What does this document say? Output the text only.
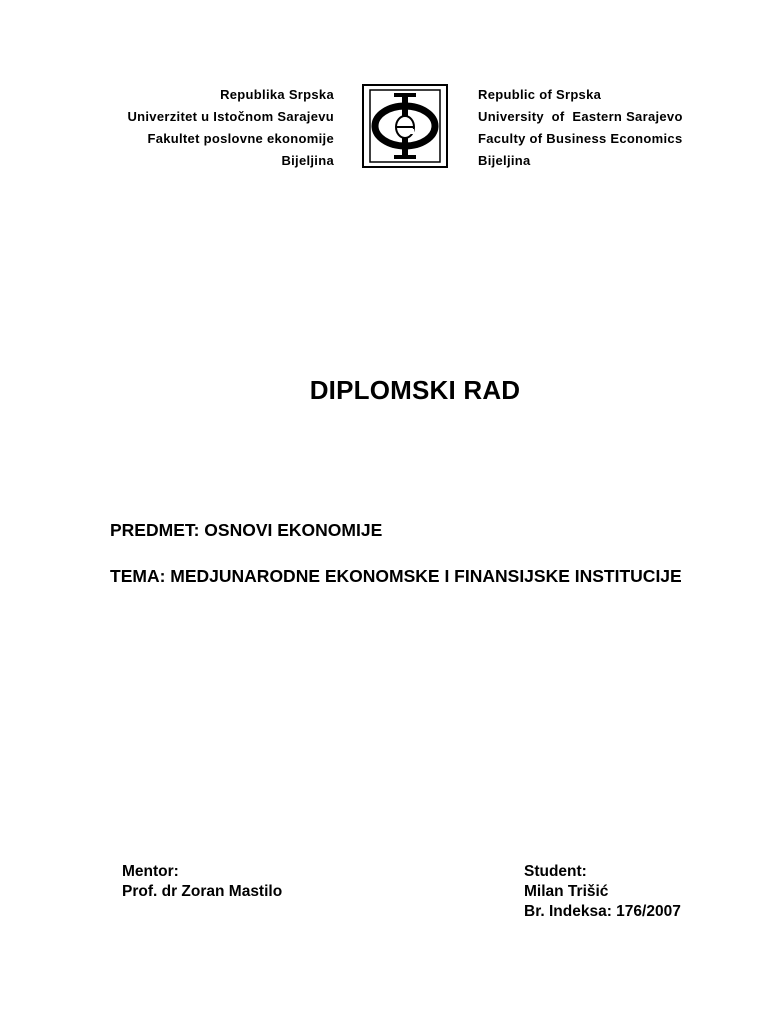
Republika Srpska
Univerzitet u Istočnom Sarajevu
Fakultet poslovne ekonomije
Bijeljina
Republic of Srpska
University  of  Eastern Sarajevo
Faculty of Business Economics
Bijeljina
DIPLOMSKI RAD
PREDMET: OSNOVI EKONOMIJE
TEMA: MEDJUNARODNE EKONOMSKE I FINANSIJSKE INSTITUCIJE
Mentor:
Prof. dr Zoran Mastilo
Student:
Milan Trišić
Br. Indeksa: 176/2007
